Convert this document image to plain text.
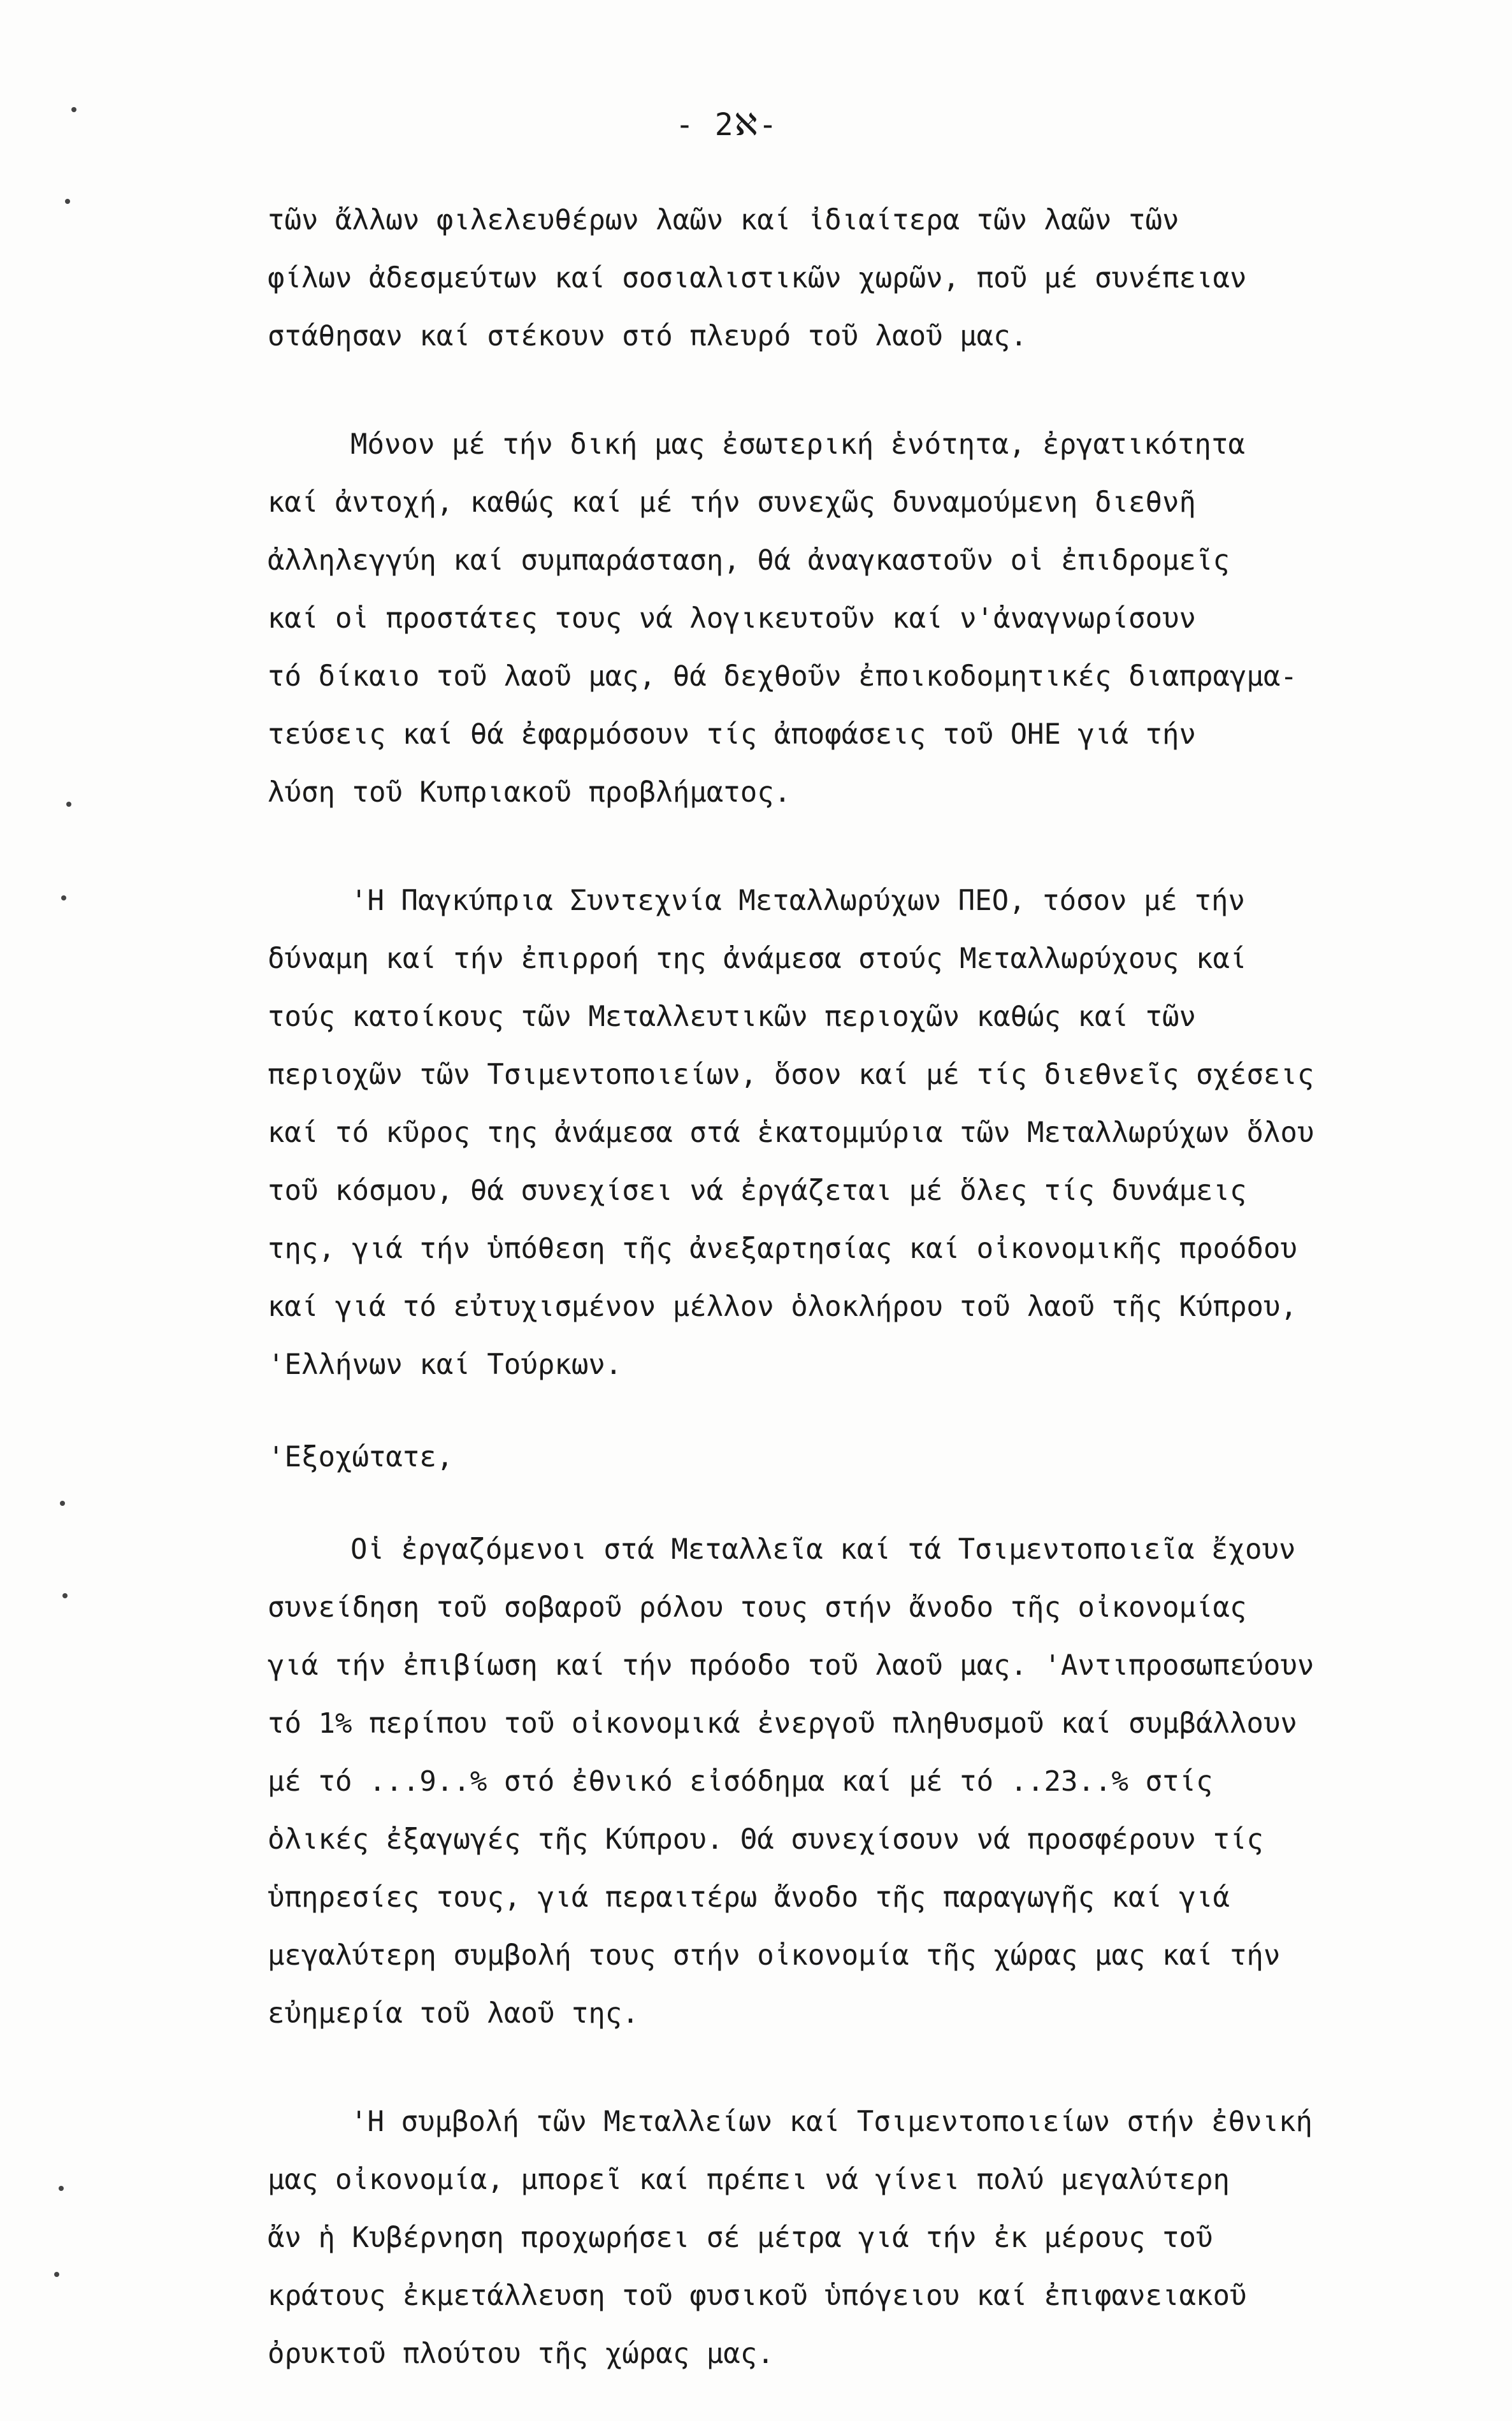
- 2ℵ-
τῶν ἄλλων φιλελευθέρων λαῶν καί ἰδιαίτερα τῶν λαῶν τῶν
φίλων ἀδεσμεύτων καί σοσιαλιστικῶν χωρῶν, ποῦ μέ συνέπειαν
στάθησαν καί στέκουν στό πλευρό τοῦ λαοῦ μας.
Μόνον μέ τήν δική μας ἐσωτερική ἑνότητα, ἐργατικότητα
καί ἀντοχή, καθώς καί μέ τήν συνεχῶς δυναμούμενη διεθνῆ
ἀλληλεγγύη καί συμπαράσταση, θά ἀναγκαστοῦν οἱ ἐπιδρομεῖς
καί οἱ προστάτες τους νά λογικευτοῦν καί ν'ἀναγνωρίσουν
τό δίκαιο τοῦ λαοῦ μας, θά δεχθοῦν ἐποικοδομητικές διαπραγμα-
τεύσεις καί θά ἐφαρμόσουν τίς ἀποφάσεις τοῦ ΟΗΕ γιά τήν
λύση τοῦ Κυπριακοῦ προβλήματος.
'Η Παγκύπρια Συντεχνία Μεταλλωρύχων ΠΕΟ, τόσον μέ τήν
δύναμη καί τήν ἐπιρροή της ἀνάμεσα στούς Μεταλλωρύχους καί
τούς κατοίκους τῶν Μεταλλευτικῶν περιοχῶν καθώς καί τῶν
περιοχῶν τῶν Τσιμεντοποιείων, ὅσον καί μέ τίς διεθνεῖς σχέσεις
καί τό κῦρος της ἀνάμεσα στά ἑκατομμύρια τῶν Μεταλλωρύχων ὅλου
τοῦ κόσμου, θά συνεχίσει νά ἐργάζεται μέ ὅλες τίς δυνάμεις
της, γιά τήν ὑπόθεση τῆς ἀνεξαρτησίας καί οἰκονομικῆς προόδου
καί γιά τό εὐτυχισμένον μέλλον ὁλοκλήρου τοῦ λαοῦ τῆς Κύπρου,
'Ελλήνων καί Τούρκων.
'Εξοχώτατε,
Οἱ ἐργαζόμενοι στά Μεταλλεῖα καί τά Τσιμεντοποιεῖα ἔχουν
συνείδηση τοῦ σοβαροῦ ρόλου τους στήν ἄνοδο τῆς οἰκονομίας
γιά τήν ἐπιβίωση καί τήν πρόοδο τοῦ λαοῦ μας. 'Αντιπροσωπεύουν
τό 1% περίπου τοῦ οἰκονομικά ἐνεργοῦ πληθυσμοῦ καί συμβάλλουν
μέ τό ...9..% στό ἐθνικό εἰσόδημα καί μέ τό ..23..% στίς
ὁλικές ἐξαγωγές τῆς Κύπρου. Θά συνεχίσουν νά προσφέρουν τίς
ὑπηρεσίες τους, γιά περαιτέρω ἄνοδο τῆς παραγωγῆς καί γιά
μεγαλύτερη συμβολή τους στήν οἰκονομία τῆς χώρας μας καί τήν
εὐημερία τοῦ λαοῦ της.
'Η συμβολή τῶν Μεταλλείων καί Τσιμεντοποιείων στήν ἐθνική
μας οἰκονομία, μπορεῖ καί πρέπει νά γίνει πολύ μεγαλύτερη
ἄν ἡ Κυβέρνηση προχωρήσει σέ μέτρα γιά τήν ἐκ μέρους τοῦ
κράτους ἐκμετάλλευση τοῦ φυσικοῦ ὑπόγειου καί ἐπιφανειακοῦ
ὀρυκτοῦ πλούτου τῆς χώρας μας.
